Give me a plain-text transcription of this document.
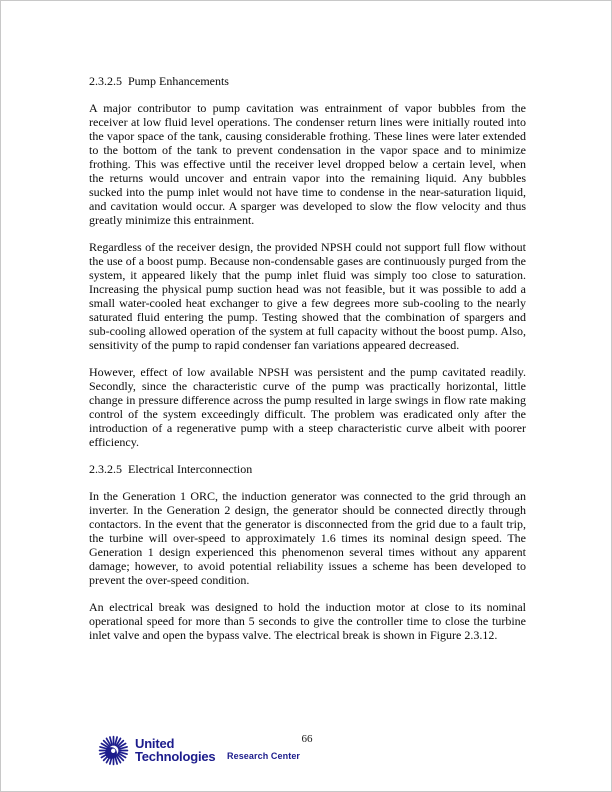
2.3.2.5  Pump Enhancements

A major contributor to pump cavitation was entrainment of vapor bubbles from the receiver at low fluid level operations. The condenser return lines were initially routed into the vapor space of the tank, causing considerable frothing. These lines were later extended to the bottom of the tank to prevent condensation in the vapor space and to minimize frothing. This was effective until the receiver level dropped below a certain level, when the returns would uncover and entrain vapor into the remaining liquid. Any bubbles sucked into the pump inlet would not have time to condense in the near-saturation liquid, and cavitation would occur. A sparger was developed to slow the flow velocity and thus greatly minimize this entrainment.

Regardless of the receiver design, the provided NPSH could not support full flow without the use of a boost pump. Because non-condensable gases are continuously purged from the system, it appeared likely that the pump inlet fluid was simply too close to saturation. Increasing the physical pump suction head was not feasible, but it was possible to add a small water-cooled heat exchanger to give a few degrees more sub-cooling to the nearly saturated fluid entering the pump. Testing showed that the combination of spargers and sub-cooling allowed operation of the system at full capacity without the boost pump. Also, sensitivity of the pump to rapid condenser fan variations appeared decreased.

However, effect of low available NPSH was persistent and the pump cavitated readily. Secondly, since the characteristic curve of the pump was practically horizontal, little change in pressure difference across the pump resulted in large swings in flow rate making control of the system exceedingly difficult. The problem was eradicated only after the introduction of a regenerative pump with a steep characteristic curve albeit with poorer efficiency.

2.3.2.5  Electrical Interconnection

In the Generation 1 ORC, the induction generator was connected to the grid through an inverter. In the Generation 2 design, the generator should be connected directly through contactors. In the event that the generator is disconnected from the grid due to a fault trip, the turbine will over-speed to approximately 1.6 times its nominal design speed. The Generation 1 design experienced this phenomenon several times without any apparent damage; however, to avoid potential reliability issues a scheme has been developed to prevent the over-speed condition.

An electrical break was designed to hold the induction motor at close to its nominal operational speed for more than 5 seconds to give the controller time to close the turbine inlet valve and open the bypass valve. The electrical break is shown in Figure 2.3.12.

66
United
Technologies Research Center
